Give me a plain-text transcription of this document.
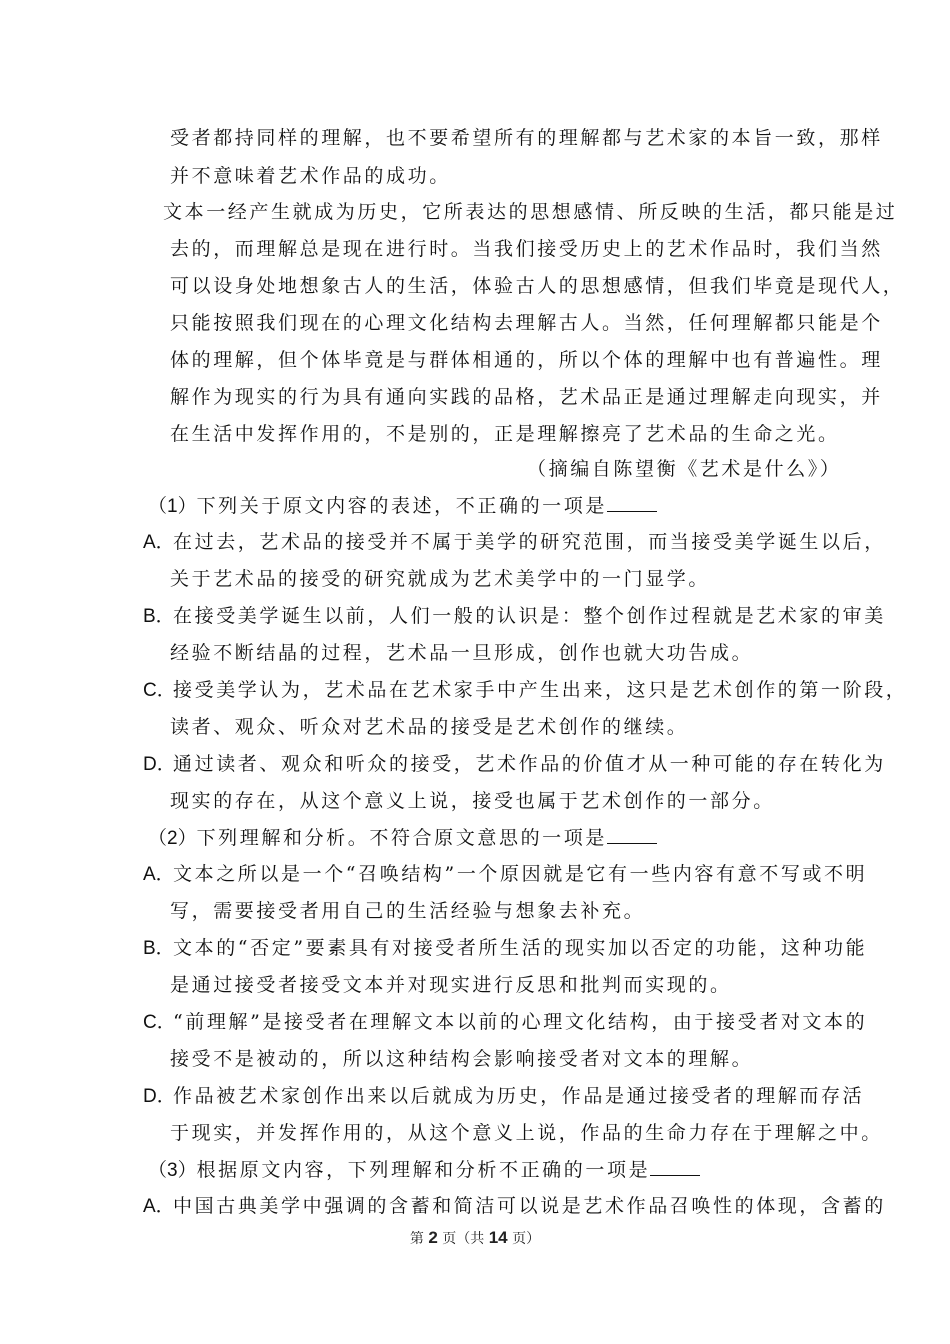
受者都持同样的理解，也不要希望所有的理解都与艺术家的本旨一致，那样
并不意味着艺术作品的成功。
文本一经产生就成为历史，它所表达的思想感情、所反映的生活，都只能是过
去的，而理解总是现在进行时。当我们接受历史上的艺术作品时，我们当然
可以设身处地想象古人的生活，体验古人的思想感情，但我们毕竟是现代人，
只能按照我们现在的心理文化结构去理解古人。当然，任何理解都只能是个
体的理解，但个体毕竟是与群体相通的，所以个体的理解中也有普遍性。理
解作为现实的行为具有通向实践的品格，艺术品正是通过理解走向现实，并
在生活中发挥作用的，不是别的，正是理解擦亮了艺术品的生命之光。
（摘编自陈望衡《艺术是什么》）
（1）下列关于原文内容的表述，不正确的一项是
A．在过去，艺术品的接受并不属于美学的研究范围，而当接受美学诞生以后，
关于艺术品的接受的研究就成为艺术美学中的一门显学。
B．在接受美学诞生以前，人们一般的认识是：整个创作过程就是艺术家的审美
经验不断结晶的过程，艺术品一旦形成，创作也就大功告成。
C．接受美学认为，艺术品在艺术家手中产生出来，这只是艺术创作的第一阶段，
读者、观众、听众对艺术品的接受是艺术创作的继续。
D．通过读者、观众和听众的接受，艺术作品的价值才从一种可能的存在转化为
现实的存在，从这个意义上说，接受也属于艺术创作的一部分。
（2）下列理解和分析。不符合原文意思的一项是
A．文本之所以是一个“召唤结构”一个原因就是它有一些内容有意不写或不明
写，需要接受者用自己的生活经验与想象去补充。
B．文本的“否定”要素具有对接受者所生活的现实加以否定的功能，这种功能
是通过接受者接受文本并对现实进行反思和批判而实现的。
C．“前理解”是接受者在理解文本以前的心理文化结构，由于接受者对文本的
接受不是被动的，所以这种结构会影响接受者对文本的理解。
D．作品被艺术家创作出来以后就成为历史，作品是通过接受者的理解而存活
于现实，并发挥作用的，从这个意义上说，作品的生命力存在于理解之中。
（3）根据原文内容，下列理解和分析不正确的一项是
A．中国古典美学中强调的含蓄和简洁可以说是艺术作品召唤性的体现，含蓄的
第 2 页（共 14 页）
